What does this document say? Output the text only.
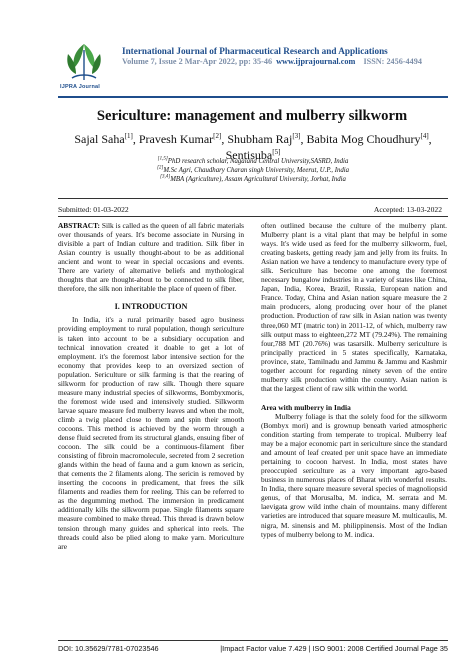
IJPRA Journal
International Journal of Pharmaceutical Research and Applications
Volume 7, Issue 2 Mar-Apr 2022, pp: 35-46 www.ijprajournal.com ISSN: 2456-4494
Sericulture: management and mulberry silkworm
Sajal Saha[1], Pravesh Kumar[2], Shubham Raj[3], Babita Mog Choudhury[4],
Sentisuba[5]
[1,5]PhD research scholar, Nagaland Central University,SASRD, India
[2]M.Sc Agri, Chaudhary Charan singh University, Meerut, U.P., India
[3,4]MBA (Agriculture), Assam Agricultural University, Jorhat, India
Submitted: 01-03-2022	Accepted: 13-03-2022

ABSTRACT: Silk is called as the queen of all fabric materials over thousands of years. It's become associate in Nursing in divisible a part of Indian culture and tradition. Silk fiber in Asian country is usually thought-about to be as additional ancient and wont to wear in special occasions and events. There are variety of alternative beliefs and mythological thoughts that are thought-about to be connected to silk fiber, therefore, the silk non inheritable the place of queen of fiber.

I. INTRODUCTION

In India, it's a rural primarily based agro business providing employment to rural population, though sericulture is taken into account to be a subsidiary occupation and technical innovation created it doable to get a lot of employment. it's the foremost labor intensive section for the economy that provides keep to an oversized section of population. Sericulture or silk farming is that the rearing of silkworm for production of raw silk. Though there square measure many industrial species of silkworms, Bombyxmoris, the foremost wide used and intensively studied. Silkworm larvae square measure fed mulberry leaves and when the molt, climb a twig placed close to them and spin their smooth cocoons. This method is achieved by the worm through a dense fluid secreted from its structural glands, ensuing fiber of cocoon. The silk could be a continuous-filament fiber consisting of fibroin macromolecule, secreted from 2 secretion glands within the head of fauna and a gum known as sericin, that cements the 2 filaments along. The sericin is removed by inserting the cocoons in predicament, that frees the silk filaments and readies them for reeling. This can be referred to as the degumming method. The immersion in predicament additionally kills the silkworm pupae. Single filaments square measure combined to make thread. This thread is drawn below tension through many guides and spherical into reels. The threads could also be plied along to make yarn. Moriculture are

often outlined because the culture of the mulberry plant. Mulberry plant is a vital plant that may be helpful in some ways. It's wide used as feed for the mulberry silkworm, fuel, creating baskets, getting ready jam and jelly from its fruits. In Asian nation we have a tendency to manufacture every type of silk. Sericulture has become one among the foremost necessary bungalow industries in a variety of states like China, Japan, India, Korea, Brazil, Russia, European nation and France. Today, China and Asian nation square measure the 2 main producers, along producing over hour of the planet production. Production of raw silk in Asian nation was twenty three,060 MT (matric ton) in 2011-12, of which, mulberry raw silk output mass to eighteen,272 MT (79.24%). The remaining four,788 MT (20.76%) was tasarsilk. Mulberry sericulture is principally practiced in 5 states specifically, Karnataka, province, state, Tamilnadu and Jammu & Jammu and Kashmir together account for regarding ninety seven of the entire mulberry silk production within the country. Asian nation is that the largest client of raw silk within the world.

Area with mulberry in India

Mulberry foliage is that the solely food for the silkworm (Bombyx mori) and is grownup beneath varied atmospheric condition starting from temperate to tropical. Mulberry leaf may be a major economic part in sericulture since the standard and amount of leaf created per unit space have an immediate pertaining to cocoon harvest. In India, most states have preoccupied sericulture as a very important agro-based business in numerous places of Bharat with wonderful results. In India, there square measure several species of magnoliopsid genus, of that Morusalba, M. indica, M. serrata and M. laevigata grow wild inthe chain of mountains. many different varieties are introduced that square measure M. multicaulis, M. nigra, M. sinensis and M. philippinensis. Most of the Indian types of mulberry belong to M. indica.

DOI: 10.35629/7781-07023546	|Impact Factor value 7.429 | ISO 9001: 2008 Certified Journal Page 35
